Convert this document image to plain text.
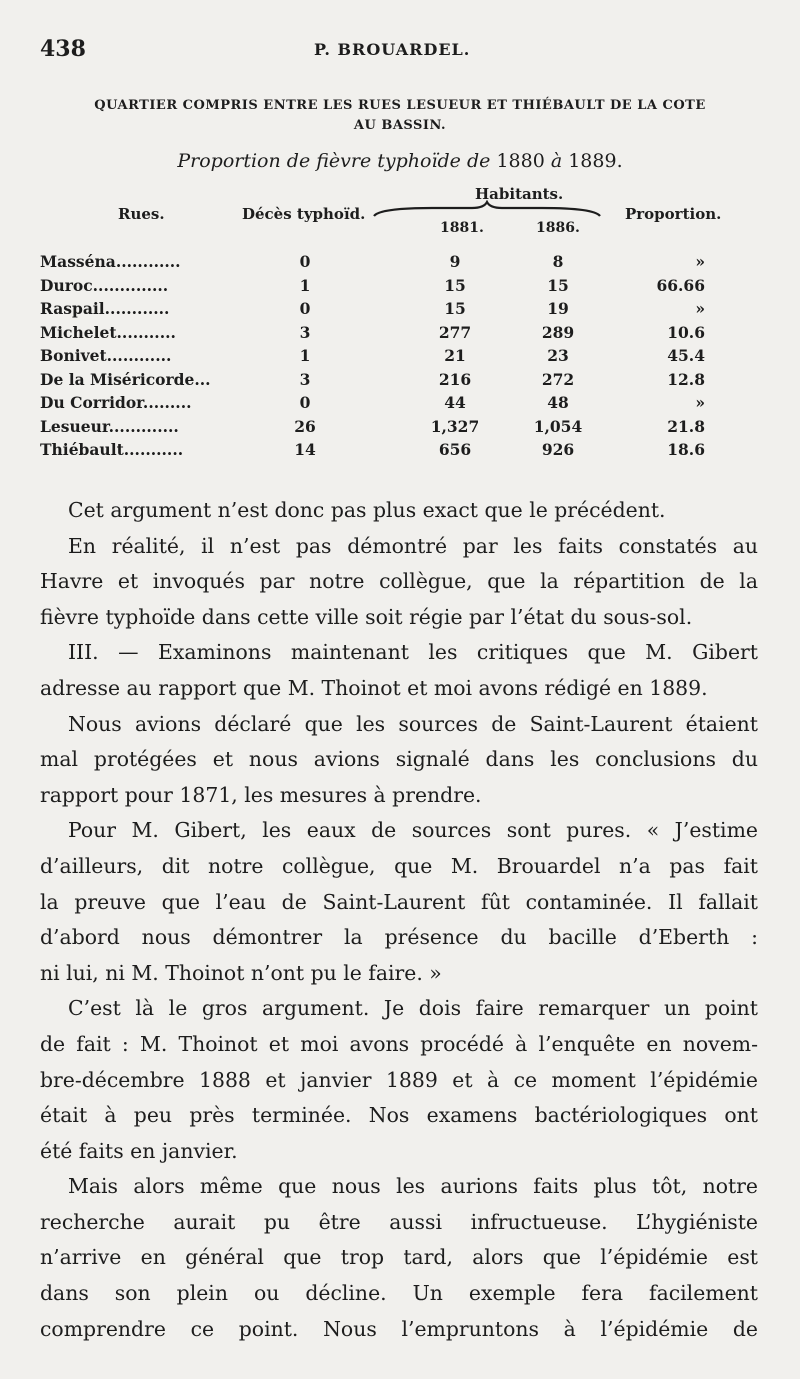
438	P. BROUARDEL.
QUARTIER COMPRIS ENTRE LES RUES LESUEUR ET THIÉBAULT DE LA COTE
AU BASSIN.
Proportion de fièvre typhoïde de 1880 à 1889.
Rues.	Décès typhoïd.
Habitants.
1881.	1886.
Proportion.
Masséna............	0	9	8	»
Duroc..............	1	15	15	66.66
Raspail............	0	15	19	»
Michelet...........	3	277	289	10.6
Bonivet............	1	21	23	45.4
De la Miséricorde...	3	216	272	12.8
Du Corridor.........	0	44	48	»
Lesueur.............	26	1,327	1,054	21.8
Thiébault...........	14	656	926	18.6

Cet argument n’est donc pas plus exact que le précédent.

En réalité, il n’est pas démontré par les faits constatés au

Havre et invoqués par notre collègue, que la répartition de la

fièvre typhoïde dans cette ville soit régie par l’état du sous-sol.

III. — Examinons maintenant les critiques que M. Gibert

adresse au rapport que M. Thoinot et moi avons rédigé en 1889.

Nous avions déclaré que les sources de Saint-Laurent étaient

mal protégées et nous avions signalé dans les conclusions du

rapport pour 1871, les mesures à prendre.

Pour M. Gibert, les eaux de sources sont pures. « J’estime

d’ailleurs, dit notre collègue, que M. Brouardel n’a pas fait

la preuve que l’eau de Saint-Laurent fût contaminée. Il fallait

d’abord nous démontrer la présence du bacille d’Eberth :

ni lui, ni M. Thoinot n’ont pu le faire. »

C’est là le gros argument. Je dois faire remarquer un point

de fait : M. Thoinot et moi avons procédé à l’enquête en novem-

bre-décembre 1888 et janvier 1889 et à ce moment l’épidémie

était à peu près terminée. Nos examens bactériologiques ont

été faits en janvier.

Mais alors même que nous les aurions faits plus tôt, notre

recherche aurait pu être aussi infructueuse. L’hygiéniste

n’arrive en général que trop tard, alors que l’épidémie est

dans son plein ou décline. Un exemple fera facilement

comprendre ce point. Nous l’empruntons à l’épidémie de
